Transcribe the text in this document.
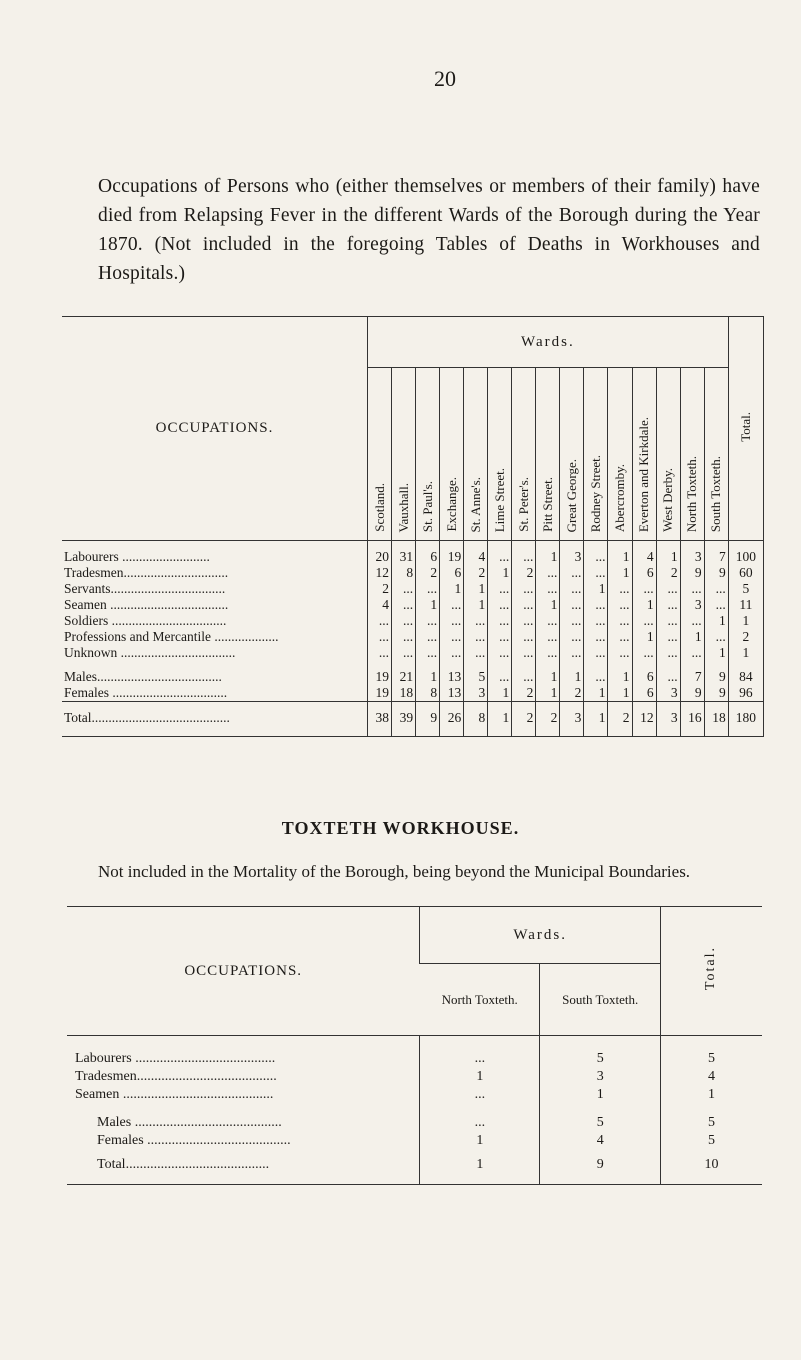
20
Occupations of Persons who (either themselves or members of their family) have died from Relapsing Fever in the different Wards of the Borough during the Year 1870. (Not included in the foregoing Tables of Deaths in Workhouses and Hospitals.)
OCCUPATIONS.	Wards.															Total.
	Scotland.	Vauxhall.	St. Paul's.	Exchange.	St. Anne's.	Lime Street.	St. Peter's.	Pitt Street.	Great George.	Rodney Street.	Abercromby.	Everton and Kirkdale.	West Derby.	North Toxteth.	South Toxteth.	

Labourers ..........................	20	31	6	19	4	...	...	1	3	...	1	4	1	3	7	100
Tradesmen...............................	12	8	2	6	2	1	2	...	...	...	1	6	2	9	9	60
Servants..................................	2	...	...	1	1	...	...	...	...	1	...	...	...	...	...	5
Seamen ...................................	4	...	1	...	1	...	...	1	...	...	...	1	...	3	...	11
Soldiers ..................................	...	...	...	...	...	...	...	...	...	...	...	...	...	...	1	1
Professions and Mercantile ...................	...	...	...	...	...	...	...	...	...	...	...	1	...	1	...	2
Unknown ..................................	...	...	...	...	...	...	...	...	...	...	...	...	...	...	1	1

Males.....................................	19	21	1	13	5	...	...	1	1	...	1	6	...	7	9	84
Females ..................................	19	18	8	13	3	1	2	1	2	1	1	6	3	9	9	96

Total.........................................	38	39	9	26	8	1	2	2	3	1	2	12	3	16	18	180

TOXTETH WORKHOUSE.
Not included in the Mortality of the Borough, being beyond the Municipal Boundaries.
OCCUPATIONS.	Wards.		Total.
	North Toxteth.	South Toxteth.	

Labourers ........................................	...	5	5
Tradesmen........................................	1	3	4
Seamen ...........................................	...	1	1

Males ..........................................	...	5	5
Females .........................................	1	4	5

Total.........................................	1	9	10
